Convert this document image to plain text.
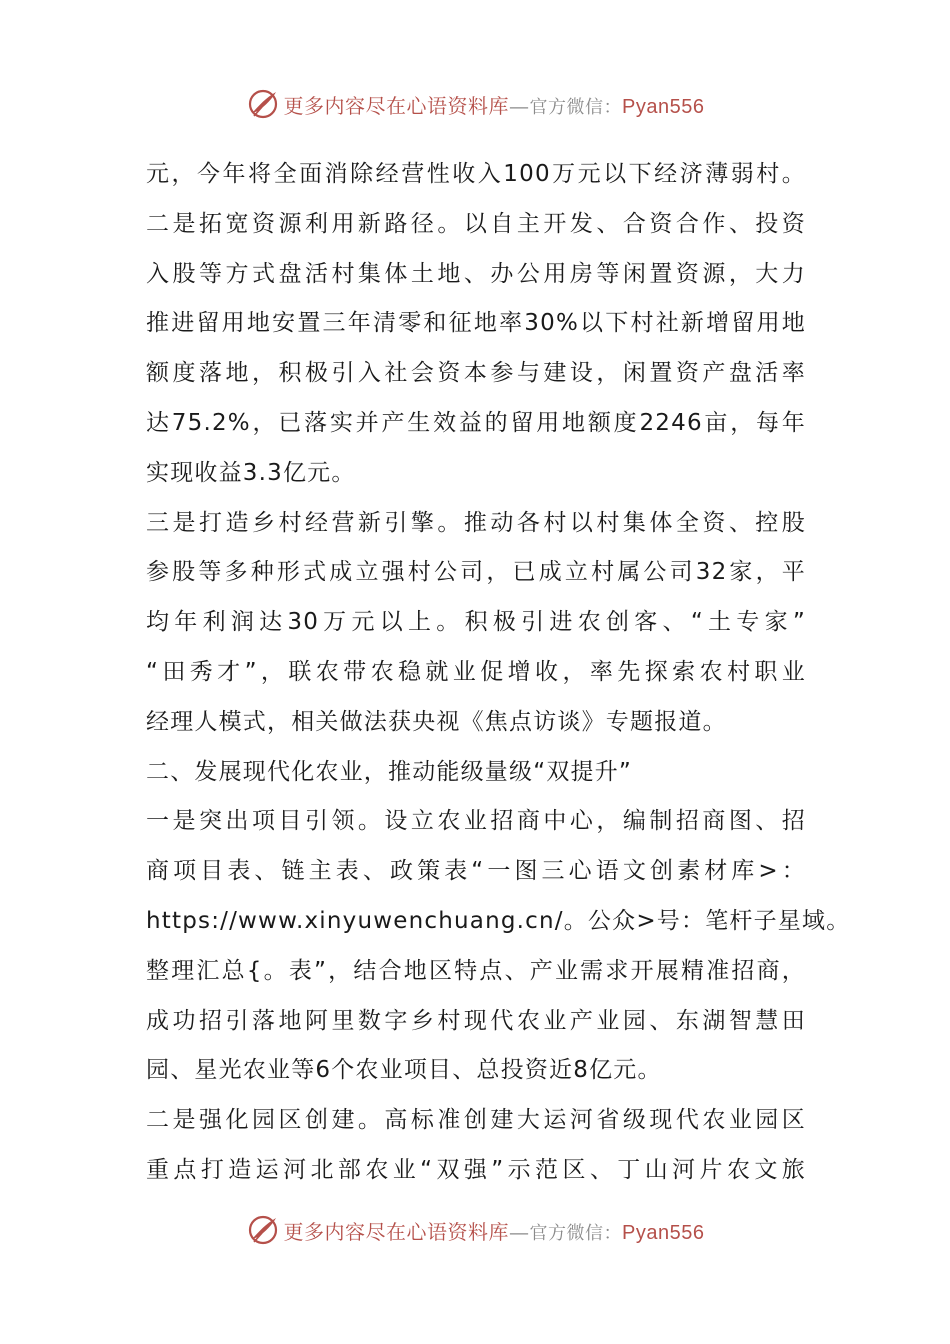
更多内容尽在心语资料库—官方微信：Pyan556
元，今年将全面消除经营性收入100万元以下经济薄弱村。
二是拓宽资源利用新路径。以自主开发、合资合作、投资
入股等方式盘活村集体土地、办公用房等闲置资源，大力
推进留用地安置三年清零和征地率30%以下村社新增留用地
额度落地，积极引入社会资本参与建设，闲置资产盘活率
达75.2%，已落实并产生效益的留用地额度2246亩，每年
实现收益3.3亿元。
三是打造乡村经营新引擎。推动各村以村集体全资、控股
参股等多种形式成立强村公司，已成立村属公司32家，平
均年利润达30万元以上。积极引进农创客、“土专家”
“田秀才”，联农带农稳就业促增收，率先探索农村职业
经理人模式，相关做法获央视《焦点访谈》专题报道。
二、发展现代化农业，推动能级量级“双提升”
一是突出项目引领。设立农业招商中心，编制招商图、招
商项目表、链主表、政策表“一图三心语文创素材库>：
https://www.xinyuwenchuang.cn/。公众>号：笔杆子星域。
整理汇总{。表”，结合地区特点、产业需求开展精准招商，
成功招引落地阿里数字乡村现代农业产业园、东湖智慧田
园、星光农业等6个农业项目、总投资近8亿元。
二是强化园区创建。高标准创建大运河省级现代农业园区
重点打造运河北部农业“双强”示范区、丁山河片农文旅
更多内容尽在心语资料库—官方微信：Pyan556
